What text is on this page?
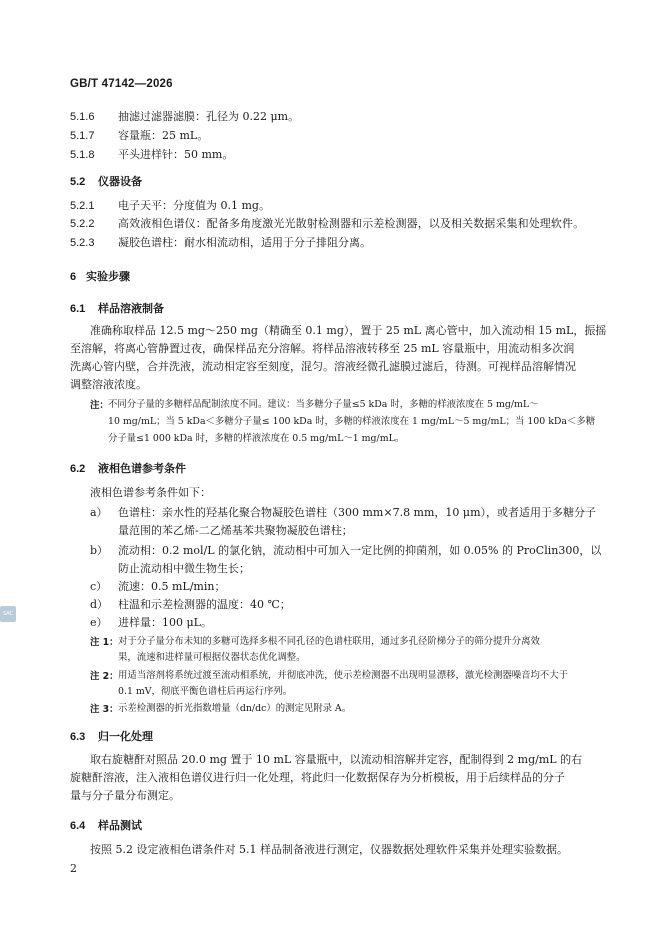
GB/T 47142—2026
5.1.6 抽滤过滤器滤膜：孔径为 0.22 μm。
5.1.7 容量瓶：25 mL。
5.1.8 平头进样针：50 mm。
5.2 仪器设备
5.2.1 电子天平：分度值为 0.1 mg。
5.2.2 高效液相色谱仪：配备多角度激光光散射检测器和示差检测器，以及相关数据采集和处理软件。
5.2.3 凝胶色谱柱：耐水相流动相，适用于分子排阻分离。
6 实验步骤
6.1 样品溶液制备
准确称取样品 12.5 mg～250 mg（精确至 0.1 mg），置于 25 mL 离心管中，加入流动相 15 mL，振摇
至溶解，将离心管静置过夜，确保样品充分溶解。将样品溶液转移至 25 mL 容量瓶中，用流动相多次润
洗离心管内壁，合并洗液，流动相定容至刻度，混匀。溶液经微孔滤膜过滤后，待测。可视样品溶解情况
调整溶液浓度。
注： 不同分子量的多糖样品配制浓度不同。建议：当多糖分子量≤5 kDa 时，多糖的样液浓度在 5 mg/mL～
10 mg/mL；当 5 kDa＜多糖分子量≤ 100 kDa 时，多糖的样液浓度在 1 mg/mL～5 mg/mL；当 100 kDa＜多糖
分子量≤1 000 kDa 时，多糖的样液浓度在 0.5 mg/mL～1 mg/mL。
6.2 液相色谱参考条件
液相色谱参考条件如下：
a） 色谱柱：亲水性的羟基化聚合物凝胶色谱柱（300 mm×7.8 mm，10 μm），或者适用于多糖分子
量范围的苯乙烯-二乙烯基苯共聚物凝胶色谱柱；
b） 流动相：0.2 mol/L 的氯化钠，流动相中可加入一定比例的抑菌剂，如 0.05% 的 ProClin300，以
防止流动相中微生物生长；
c） 流速：0.5 mL/min；
d） 柱温和示差检测器的温度：40 ℃；
e） 进样量：100 μL。
注 1： 对于分子量分布未知的多糖可选择多根不同孔径的色谱柱联用，通过多孔径阶梯分子的筛分提升分离效
果，流速和进样量可根据仪器状态优化调整。
注 2： 用适当溶剂将系统过渡至流动相系统，并彻底冲洗，使示差检测器不出现明显漂移，激光检测器噪音均不大于
0.1 mV，彻底平衡色谱柱后再运行序列。
注 3： 示差检测器的折光指数增量（dn/dc）的测定见附录 A。
6.3 归一化处理
取右旋糖酐对照品 20.0 mg 置于 10 mL 容量瓶中，以流动相溶解并定容，配制得到 2 mg/mL 的右
旋糖酐溶液，注入液相色谱仪进行归一化处理，将此归一化数据保存为分析模板，用于后续样品的分子
量与分子量分布测定。
6.4 样品测试
按照 5.2 设定液相色谱条件对 5.1 样品制备液进行测定，仪器数据处理软件采集并处理实验数据。
2
SAC
